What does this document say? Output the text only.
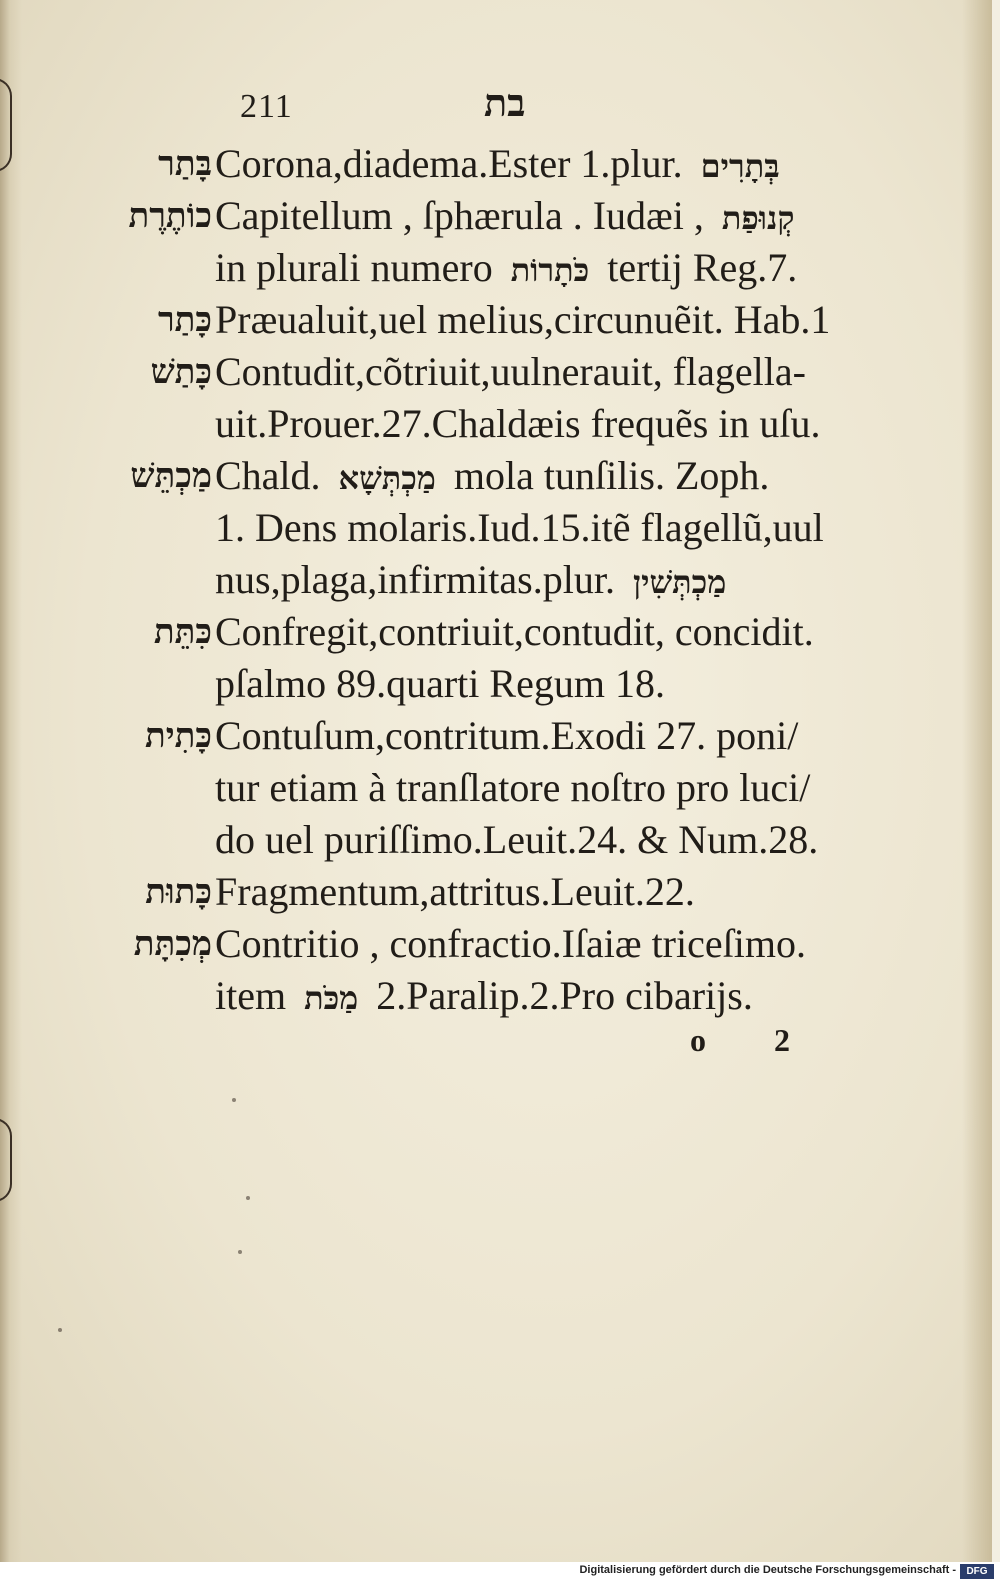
211	בת
בָּתַר Corona,diadema.Ester 1.plur. בְּתָרִים
כוֹתֶרֶת Capitellum , ſphærula . Iudæi , קְנוּפַת
in plurali numero כֹּתָרוֹת tertij Reg.7.
כָּתַר Præualuit,uel melius,circunuẽit. Hab.1
כָּתַשׁ Contudit,cõtriuit,uulnerauit, flagella-
uit.Prouer.27.Chaldæis frequẽs in uſu.
מַכְתֵּשׁ Chald. מַכְתְּשָׁא mola tunſilis. Zoph.
1. Dens molaris.Iud.15.itẽ flagellũ,uul
nus,plaga,infirmitas.plur. מַכְתְּשִׁין
כִּתֵּת Confregit,contriuit,contudit, concidit.
pſalmo 89.quarti Regum 18.
כָּתִית Contuſum,contritum.Exodi 27. poni/
tur etiam à tranſlatore noſtro pro luci/
do uel puriſſimo.Leuit.24. & Num.28.
כָּתוּת Fragmentum,attritus.Leuit.22.
מְכִתָּת Contritio , confractio.Iſaiæ triceſimo.
item מַכֹּת 2.Paralip.2.Pro cibarijs.
o 2
Digitalisierung gefördert durch die Deutsche Forschungsgemeinschaft -	DFG
